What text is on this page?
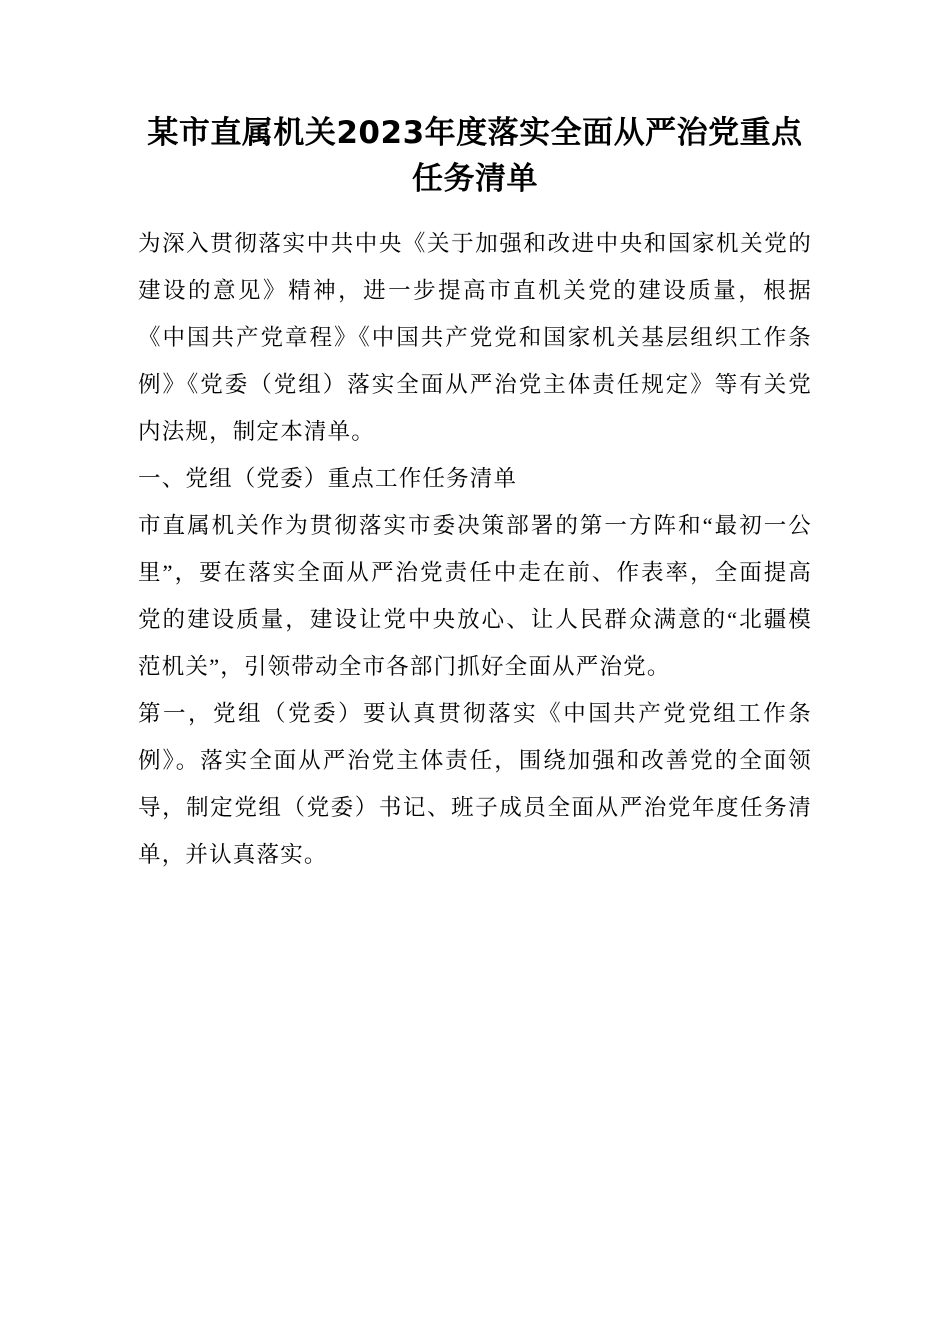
某市直属机关2023年度落实全面从严治党重点任务清单

为深入贯彻落实中共中央《关于加强和改进中央和国家机关党的建设的意见》精神，进一步提高市直机关党的建设质量，根据《中国共产党章程》《中国共产党党和国家机关基层组织工作条例》《党委（党组）落实全面从严治党主体责任规定》等有关党内法规，制定本清单。

一、党组（党委）重点工作任务清单

市直属机关作为贯彻落实市委决策部署的第一方阵和“最初一公里”，要在落实全面从严治党责任中走在前、作表率，全面提高党的建设质量，建设让党中央放心、让人民群众满意的“北疆模范机关”，引领带动全市各部门抓好全面从严治党。

第一，党组（党委）要认真贯彻落实《中国共产党党组工作条例》。落实全面从严治党主体责任，围绕加强和改善党的全面领导，制定党组（党委）书记、班子成员全面从严治党年度任务清单，并认真落实。
